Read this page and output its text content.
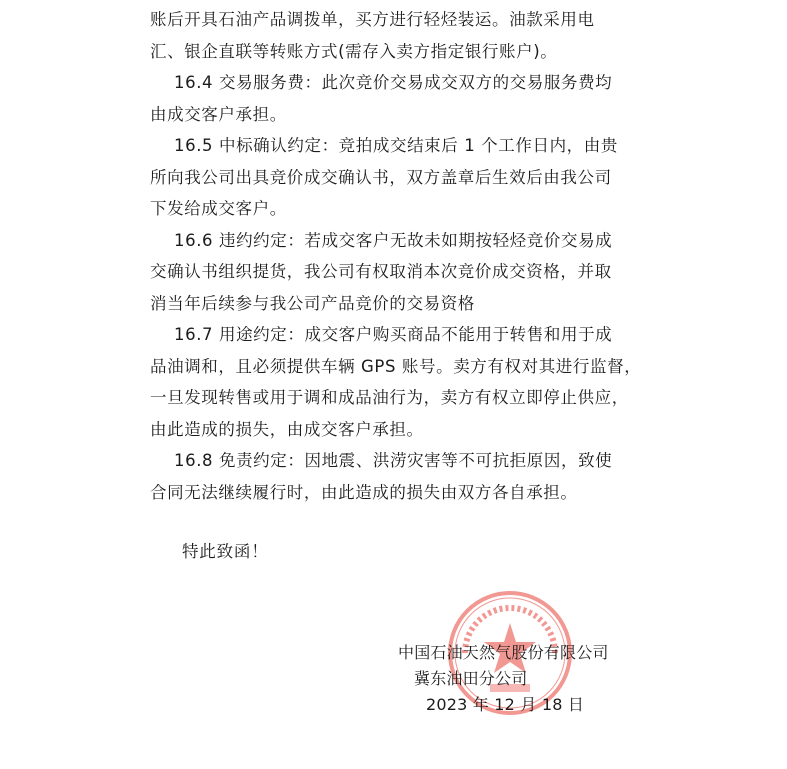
账后开具石油产品调拨单，买方进行轻烃装运。油款采用电
汇、银企直联等转账方式(需存入卖方指定银行账户)。
16.4 交易服务费：此次竞价交易成交双方的交易服务费均
由成交客户承担。
16.5 中标确认约定：竞拍成交结束后 1 个工作日内，由贵
所向我公司出具竞价成交确认书，双方盖章后生效后由我公司
下发给成交客户。
16.6 违约约定：若成交客户无故未如期按轻烃竞价交易成
交确认书组织提货，我公司有权取消本次竞价成交资格，并取
消当年后续参与我公司产品竞价的交易资格
16.7 用途约定：成交客户购买商品不能用于转售和用于成
品油调和，且必须提供车辆 GPS 账号。卖方有权对其进行监督，
一旦发现转售或用于调和成品油行为，卖方有权立即停止供应，
由此造成的损失，由成交客户承担。
16.8 免责约定：因地震、洪涝灾害等不可抗拒原因，致使
合同无法继续履行时，由此造成的损失由双方各自承担。
特此致函！
中国石油天然气股份有限公司
冀东油田分公司
2023 年 12 月 18 日
